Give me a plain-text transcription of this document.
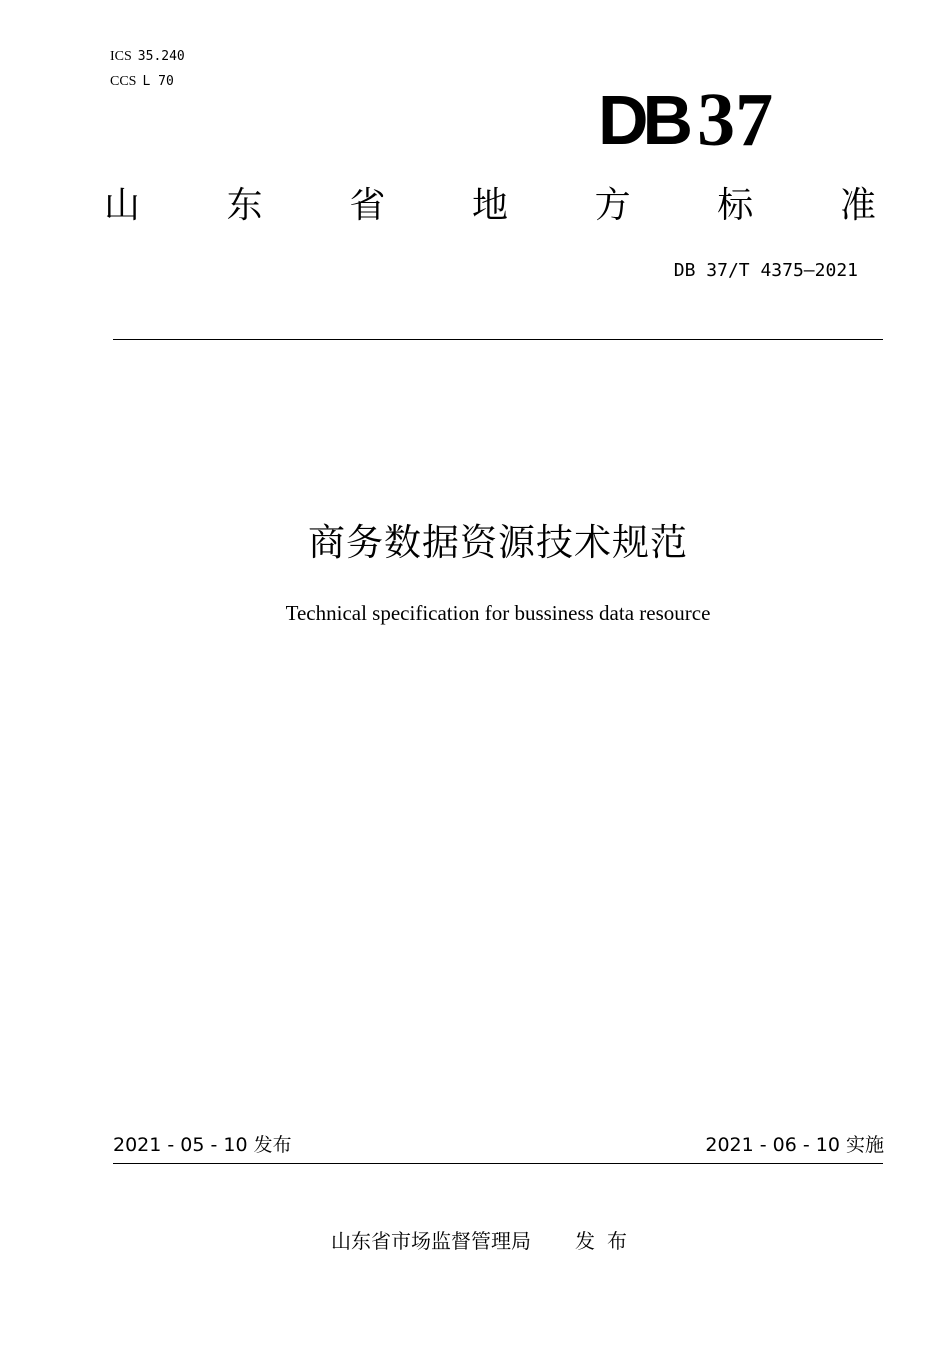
ICS 35.240
CCS L 70	DB 37
山 东 省 地 方 标 准
DB 37/T 4375—2021
商务数据资源技术规范
Technical specification for bussiness data resource
2021 - 05 - 10 发布	2021 - 06 - 10 实施
山东省市场监督管理局 发布
